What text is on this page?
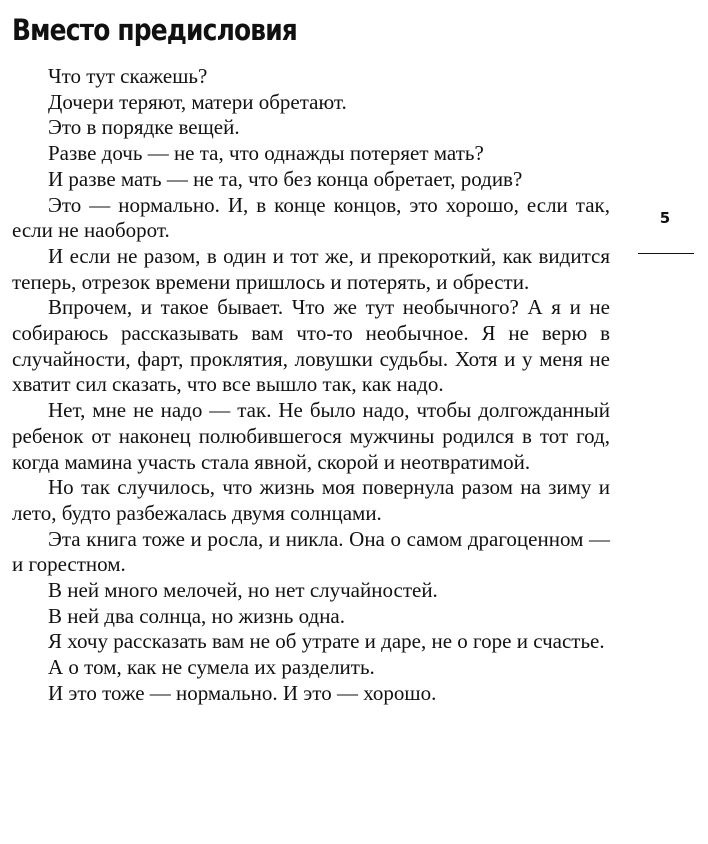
Вместо предисловия

Что тут скажешь?

Дочери теряют, матери обретают.

Это в порядке вещей.

Разве дочь — не та, что однажды потеряет мать?

И разве мать — не та, что без конца обретает, родив?

Это — нормально. И, в конце концов, это хорошо, если так, если не наоборот.

И если не разом, в один и тот же, и прекороткий, как видится теперь, отрезок времени пришлось и потерять, и обрести.

Впрочем, и такое бывает. Что же тут необычного? А я и не собираюсь рассказывать вам что-то необычное. Я не верю в случайности, фарт, проклятия, ловушки судьбы. Хотя и у меня не хватит сил сказать, что все вышло так, как надо.

Нет, мне не надо — так. Не было надо, чтобы долгожданный ребенок от наконец полюбившегося мужчины родился в тот год, когда мамина участь стала явной, скорой и неотвратимой.

Но так случилось, что жизнь моя повернула разом на зиму и лето, будто разбежалась двумя солнцами.

Эта книга тоже и росла, и никла. Она о самом драгоценном — и горестном.

В ней много мелочей, но нет случайностей.

В ней два солнца, но жизнь одна.

Я хочу рассказать вам не об утрате и даре, не о горе и счастье.

А о том, как не сумела их разделить.

И это тоже — нормально. И это — хорошо.

5
